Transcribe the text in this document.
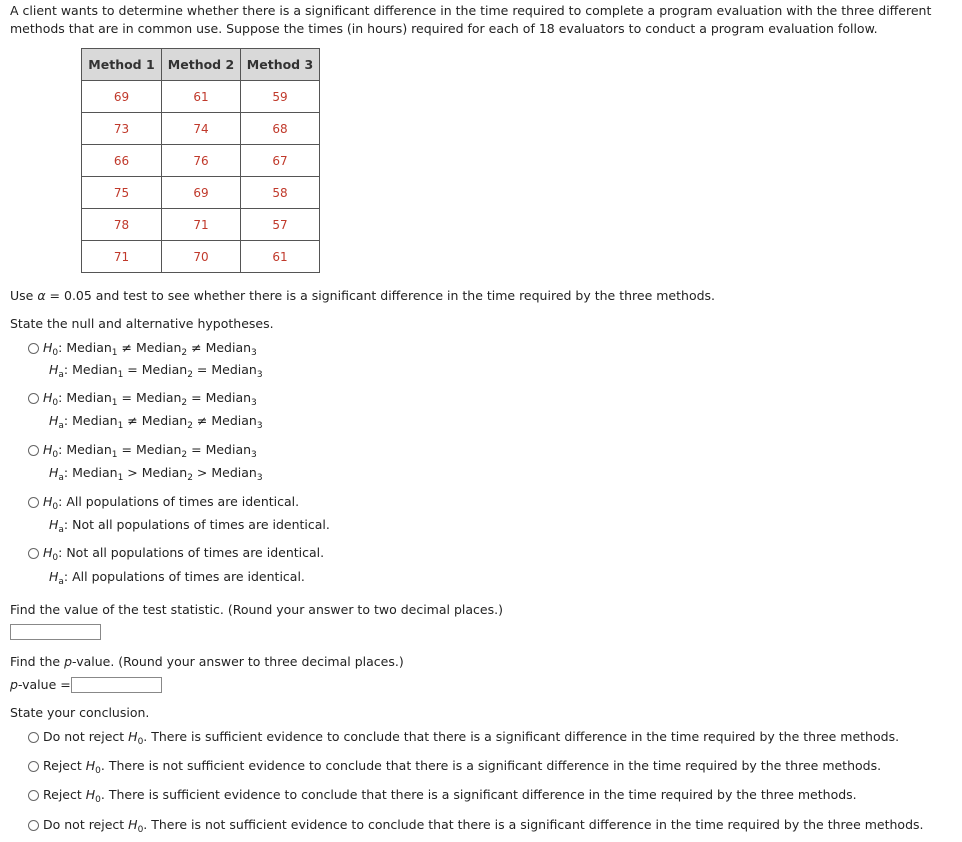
A client wants to determine whether there is a significant difference in the time required to complete a program evaluation with the three different methods that are in common use. Suppose the times (in hours) required for each of 18 evaluators to conduct a program evaluation follow.
Method 1	Method 2	Method 3
69	61	59
73	74	68
66	76	67
75	69	58
78	71	57
71	70	61
Use α = 0.05 and test to see whether there is a significant difference in the time required by the three methods.
State the null and alternative hypotheses.
$H_0$: Median$_1$ ≠ Median$_2$ ≠ Median$_3$
$H_a$: Median$_1$ = Median$_2$ = Median$_3$
$H_0$: Median$_1$ = Median$_2$ = Median$_3$
$H_a$: Median$_1$ ≠ Median$_2$ ≠ Median$_3$
$H_0$: Median$_1$ = Median$_2$ = Median$_3$
$H_a$: Median$_1$ > Median$_2$ > Median$_3$
$H_0$: All populations of times are identical.
$H_a$: Not all populations of times are identical.
$H_0$: Not all populations of times are identical.
$H_a$: All populations of times are identical.
Find the value of the test statistic. (Round your answer to two decimal places.)
Find the p-value. (Round your answer to three decimal places.)
p-value =
State your conclusion.
Do not reject $H_0$. There is sufficient evidence to conclude that there is a significant difference in the time required by the three methods.
Reject $H_0$. There is not sufficient evidence to conclude that there is a significant difference in the time required by the three methods.
Reject $H_0$. There is sufficient evidence to conclude that there is a significant difference in the time required by the three methods.
Do not reject $H_0$. There is not sufficient evidence to conclude that there is a significant difference in the time required by the three methods.
